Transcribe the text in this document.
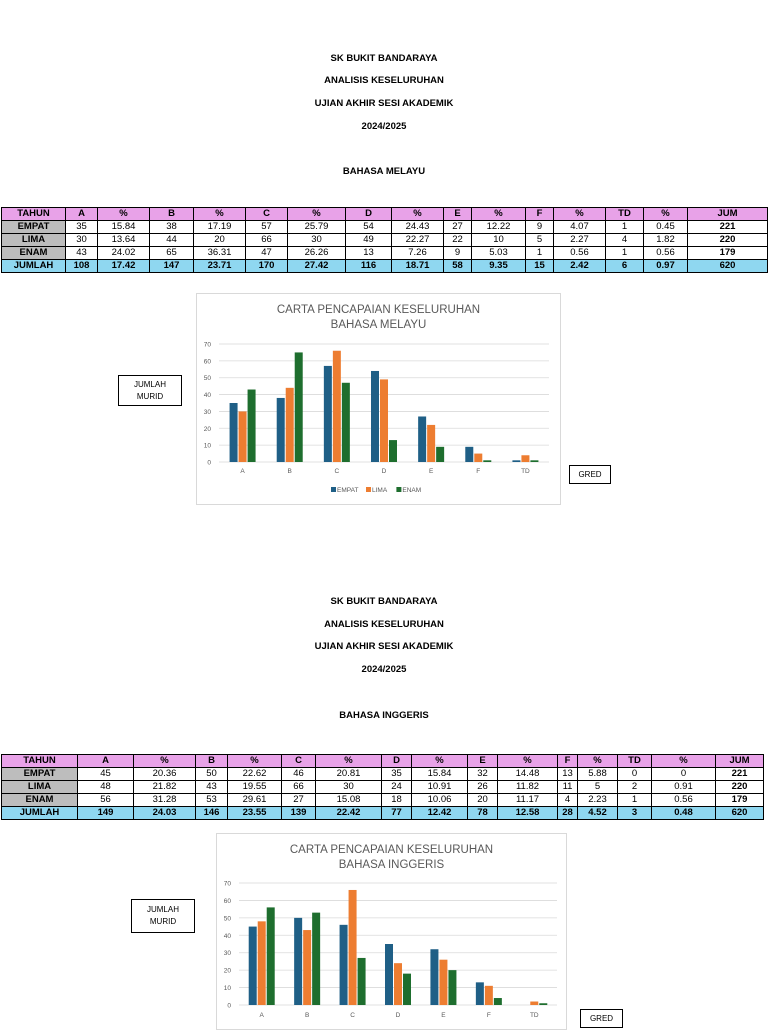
SK BUKIT BANDARAYA
ANALISIS KESELURUHAN
UJIAN AKHIR SESI AKADEMIK
2024/2025
BAHASA MELAYU
TAHUN	A	%	B	%	C	%	D	%	E	%	F	%	TD	%	JUM
EMPAT	35	15.84	38	17.19	57	25.79	54	24.43	27	12.22	9	4.07	1	0.45	221
LIMA	30	13.64	44	20	66	30	49	22.27	22	10	5	2.27	4	1.82	220
ENAM	43	24.02	65	36.31	47	26.26	13	7.26	9	5.03	1	0.56	1	0.56	179
JUMLAH	108	17.42	147	23.71	170	27.42	116	18.71	58	9.35	15	2.42	6	0.97	620
CARTA PENCAPAIAN KESELURUHAN
BAHASA MELAYU
0
10
20
30
40
50
60
70
A	B	C	D	E	F	TD
EMPAT LIMA ENAM
JUMLAH
MURID
GRED
SK BUKIT BANDARAYA
ANALISIS KESELURUHAN
UJIAN AKHIR SESI AKADEMIK
2024/2025
BAHASA INGGERIS
TAHUN	A	%	B	%	C	%	D	%	E	%	F	%	TD	%	JUM
EMPAT	45	20.36	50	22.62	46	20.81	35	15.84	32	14.48	13	5.88	0	0	221
LIMA	48	21.82	43	19.55	66	30	24	10.91	26	11.82	11	5	2	0.91	220
ENAM	56	31.28	53	29.61	27	15.08	18	10.06	20	11.17	4	2.23	1	0.56	179
JUMLAH	149	24.03	146	23.55	139	22.42	77	12.42	78	12.58	28	4.52	3	0.48	620
CARTA PENCAPAIAN KESELURUHAN
BAHASA INGGERIS
0
10
20
30
40
50
60
70
A	B	C	D	E	F	TD
JUMLAH
MURID
GRED
